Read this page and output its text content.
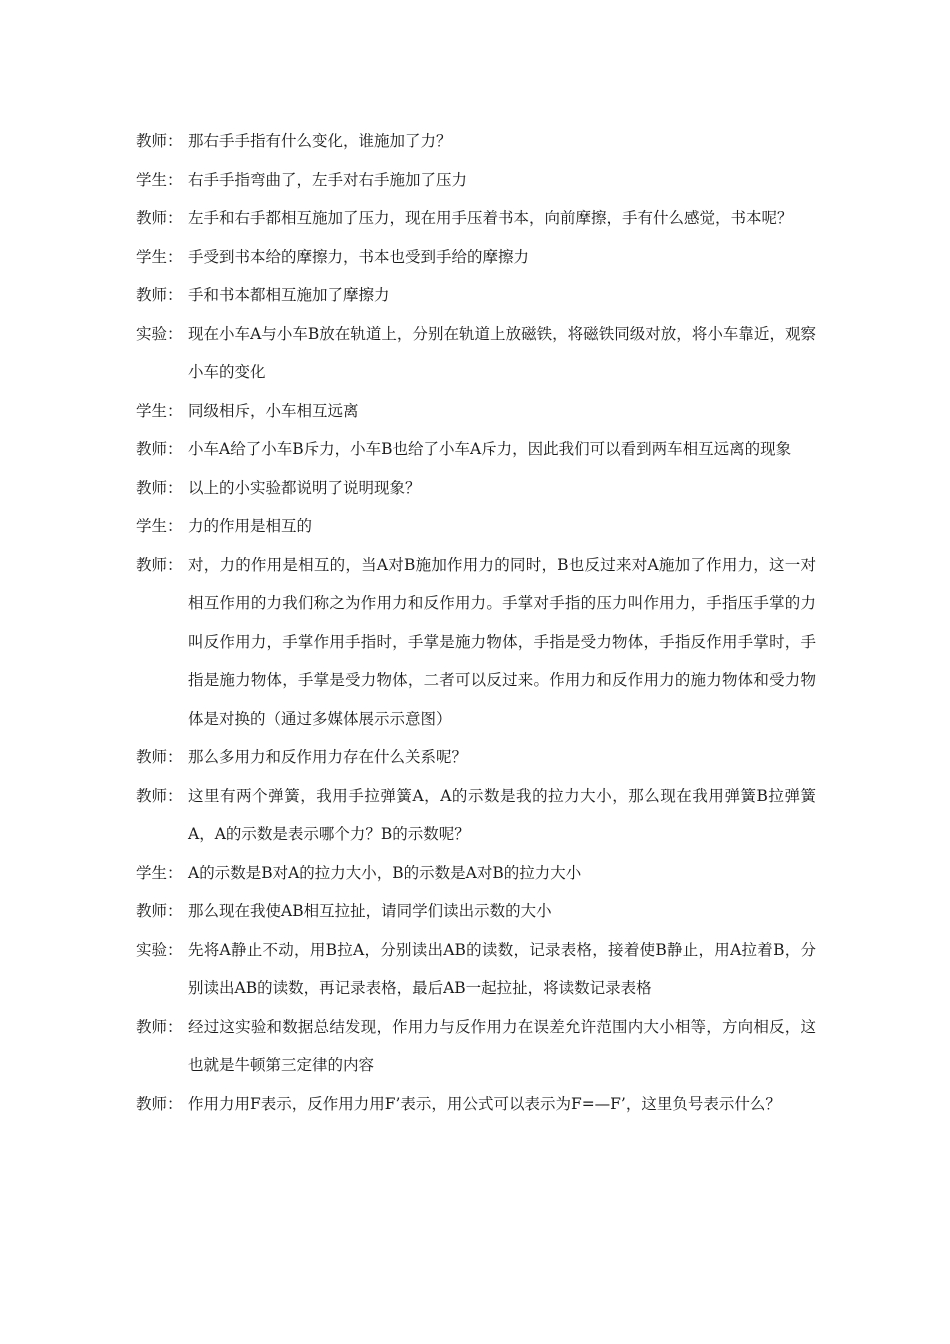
教师： 那右手手指有什么变化，谁施加了力？
学生： 右手手指弯曲了，左手对右手施加了压力
教师： 左手和右手都相互施加了压力，现在用手压着书本，向前摩擦，手有什么感觉，书本呢？
学生： 手受到书本给的摩擦力，书本也受到手给的摩擦力
教师： 手和书本都相互施加了摩擦力
实验： 现在小车A与小车B放在轨道上，分别在轨道上放磁铁，将磁铁同级对放，将小车靠近，观察小车的变化
学生： 同级相斥，小车相互远离
教师： 小车A给了小车B斥力，小车B也给了小车A斥力，因此我们可以看到两车相互远离的现象
教师： 以上的小实验都说明了说明现象？
学生： 力的作用是相互的
教师： 对，力的作用是相互的，当A对B施加作用力的同时，B也反过来对A施加了作用力，这一对相互作用的力我们称之为作用力和反作用力。手掌对手指的压力叫作用力，手指压手掌的力叫反作用力，手掌作用手指时，手掌是施力物体，手指是受力物体，手指反作用手掌时，手指是施力物体，手掌是受力物体，二者可以反过来。作用力和反作用力的施力物体和受力物体是对换的（通过多媒体展示示意图）
教师： 那么多用力和反作用力存在什么关系呢？
教师： 这里有两个弹簧，我用手拉弹簧A，A的示数是我的拉力大小，那么现在我用弹簧B拉弹簧A，A的示数是表示哪个力？B的示数呢？
学生： A的示数是B对A的拉力大小，B的示数是A对B的拉力大小
教师： 那么现在我使AB相互拉扯，请同学们读出示数的大小
实验： 先将A静止不动，用B拉A，分别读出AB的读数，记录表格，接着使B静止，用A拉着B，分别读出AB的读数，再记录表格，最后AB一起拉扯，将读数记录表格
教师： 经过这实验和数据总结发现，作用力与反作用力在误差允许范围内大小相等，方向相反，这也就是牛顿第三定律的内容
教师： 作用力用F表示，反作用力用F’表示，用公式可以表示为F=—F’，这里负号表示什么？
